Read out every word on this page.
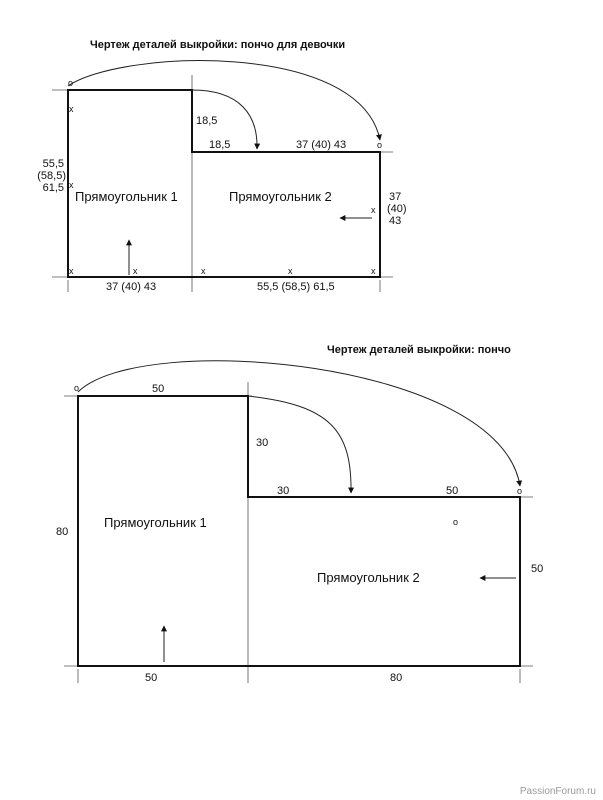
Чертеж деталей выкройки: пончо для девочки
o
o
x
x
x	x	x	x	x
x
Прямоугольник 1	Прямоугольник 2
18,5
18,5	37 (40) 43
55,5
(58,5)
61,5
37
(40)
43
37 (40) 43	55,5 (58,5) 61,5
Чертеж деталей выкройки: пончо
o
o
o
Прямоугольник 1
Прямоугольник 2
50
30
30	50
80
50
50	80
PassionForum.ru
